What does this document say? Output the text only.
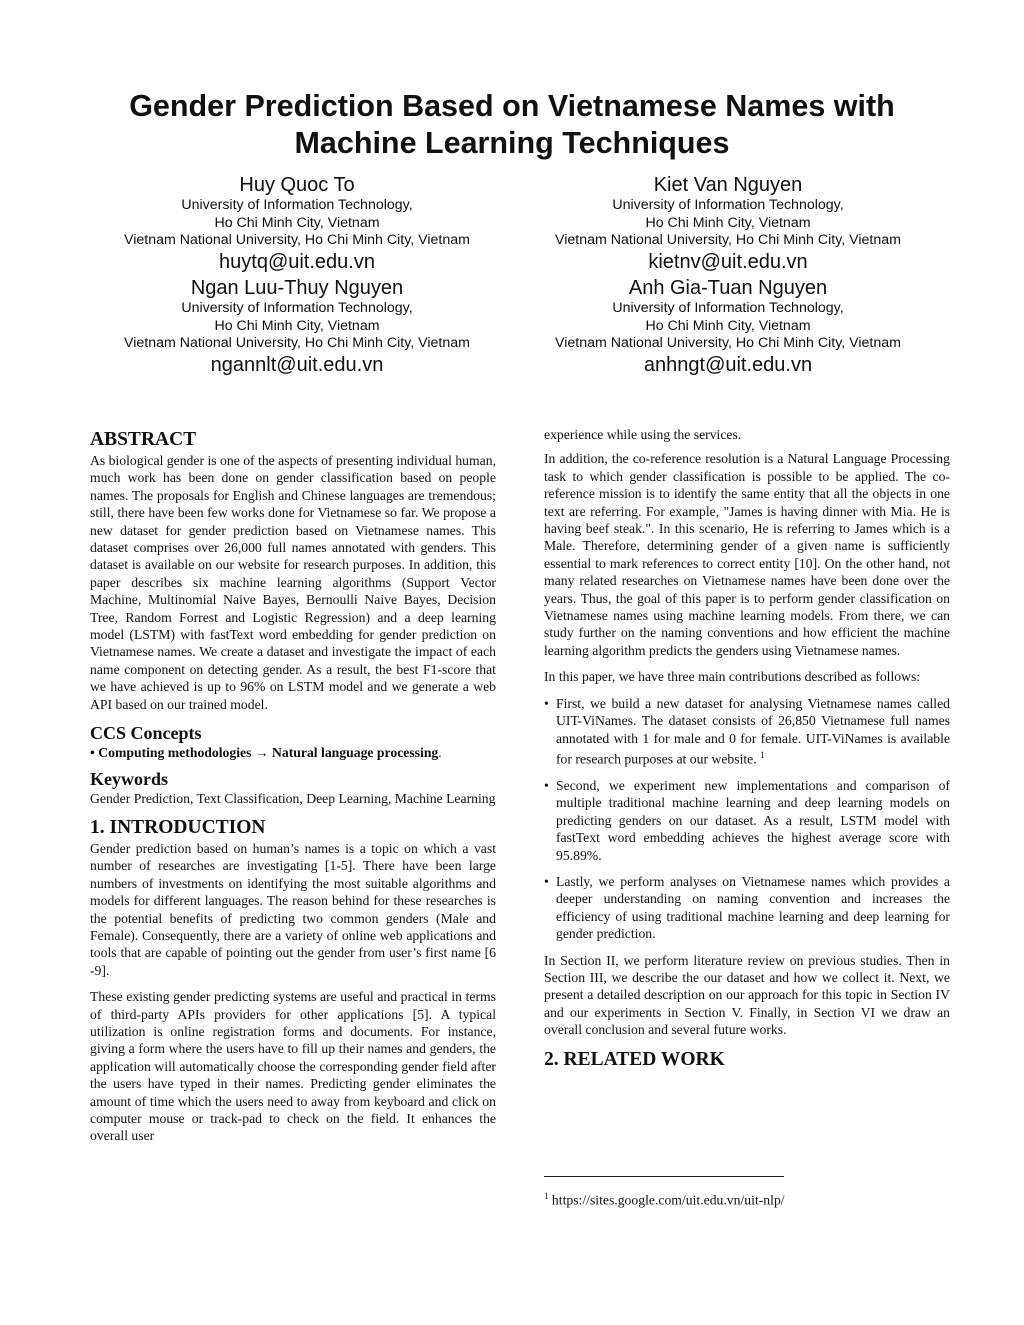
Gender Prediction Based on Vietnamese Names with
Machine Learning Techniques
Huy Quoc To
University of Information Technology,
Ho Chi Minh City, Vietnam
Vietnam National University, Ho Chi Minh City, Vietnam
huytq@uit.edu.vn
Kiet Van Nguyen
University of Information Technology,
Ho Chi Minh City, Vietnam
Vietnam National University, Ho Chi Minh City, Vietnam
kietnv@uit.edu.vn
Ngan Luu-Thuy Nguyen
University of Information Technology,
Ho Chi Minh City, Vietnam
Vietnam National University, Ho Chi Minh City, Vietnam
ngannlt@uit.edu.vn
Anh Gia-Tuan Nguyen
University of Information Technology,
Ho Chi Minh City, Vietnam
Vietnam National University, Ho Chi Minh City, Vietnam
anhngt@uit.edu.vn
ABSTRACT

As biological gender is one of the aspects of presenting individual human, much work has been done on gender classification based on people names. The proposals for English and Chinese languages are tremendous; still, there have been few works done for Vietnamese so far. We propose a new dataset for gender prediction based on Vietnamese names. This dataset comprises over 26,000 full names annotated with genders. This dataset is available on our website for research purposes. In addition, this paper describes six machine learning algorithms (Support Vector Machine, Multinomial Naive Bayes, Bernoulli Naive Bayes, Decision Tree, Random Forrest and Logistic Regression) and a deep learning model (LSTM) with fastText word embedding for gender prediction on Vietnamese names. We create a dataset and investigate the impact of each name component on detecting gender. As a result, the best F1-score that we have achieved is up to 96% on LSTM model and we generate a web API based on our trained model.

CCS Concepts

• Computing methodologies → Natural language processing.

Keywords

Gender Prediction, Text Classification, Deep Learning, Machine Learning

1. INTRODUCTION

Gender prediction based on human’s names is a topic on which a vast number of researches are investigating [1-5]. There have been large numbers of investments on identifying the most suitable algorithms and models for different languages. The reason behind for these researches is the potential benefits of predicting two common genders (Male and Female). Consequently, there are a variety of online web applications and tools that are capable of pointing out the gender from user’s first name [6 -9].

These existing gender predicting systems are useful and practical in terms of third-party APIs providers for other applications [5]. A typical utilization is online registration forms and documents. For instance, giving a form where the users have to fill up their names and genders, the application will automatically choose the corresponding gender field after the users have typed in their names. Predicting gender eliminates the amount of time which the users need to away from keyboard and click on computer mouse or track-pad to check on the field. It enhances the overall user

experience while using the services.

In addition, the co-reference resolution is a Natural Language Processing task to which gender classification is possible to be applied. The co-reference mission is to identify the same entity that all the objects in one text are referring. For example, "James is having dinner with Mia. He is having beef steak.". In this scenario, He is referring to James which is a Male. Therefore, determining gender of a given name is sufficiently essential to mark references to correct entity [10]. On the other hand, not many related researches on Vietnamese names have been done over the years. Thus, the goal of this paper is to perform gender classification on Vietnamese names using machine learning models. From there, we can study further on the naming conventions and how efficient the machine learning algorithm predicts the genders using Vietnamese names.

In this paper, we have three main contributions described as follows:

• First, we build a new dataset for analysing Vietnamese names called UIT-ViNames. The dataset consists of 26,850 Vietnamese full names annotated with 1 for male and 0 for female. UIT-ViNames is available for research purposes at our website. $^1$
• Second, we experiment new implementations and comparison of multiple traditional machine learning and deep learning models on predicting genders on our dataset. As a result, LSTM model with fastText word embedding achieves the highest average score with 95.89%.
• Lastly, we perform analyses on Vietnamese names which provides a deeper understanding on naming convention and increases the efficiency of using traditional machine learning and deep learning for gender prediction.

In Section II, we perform literature review on previous studies. Then in Section III, we describe the our dataset and how we collect it. Next, we present a detailed description on our approach for this topic in Section IV and our experiments in Section V. Finally, in Section VI we draw an overall conclusion and several future works.

2. RELATED WORK
$^1$ https://sites.google.com/uit.edu.vn/uit-nlp/
